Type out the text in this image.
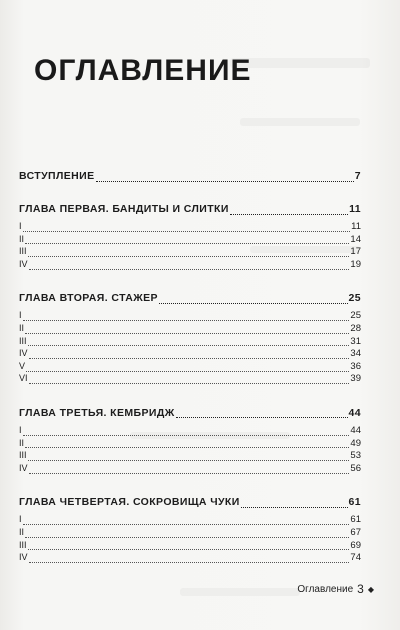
ОГЛАВЛЕНИЕ
ВСТУПЛЕНИЕ	7
ГЛАВА ПЕРВАЯ. БАНДИТЫ И СЛИТКИ	11
I	11
II	14
III	17
IV	19
ГЛАВА ВТОРАЯ. СТАЖЕР	25
I	25
II	28
III	31
IV	34
V	36
VI	39
ГЛАВА ТРЕТЬЯ. КЕМБРИДЖ	44
I	44
II	49
III	53
IV	56
ГЛАВА ЧЕТВЕРТАЯ. СОКРОВИЩА ЧУКИ	61
I	61
II	67
III	69
IV	74
Оглавление 3 ◆
